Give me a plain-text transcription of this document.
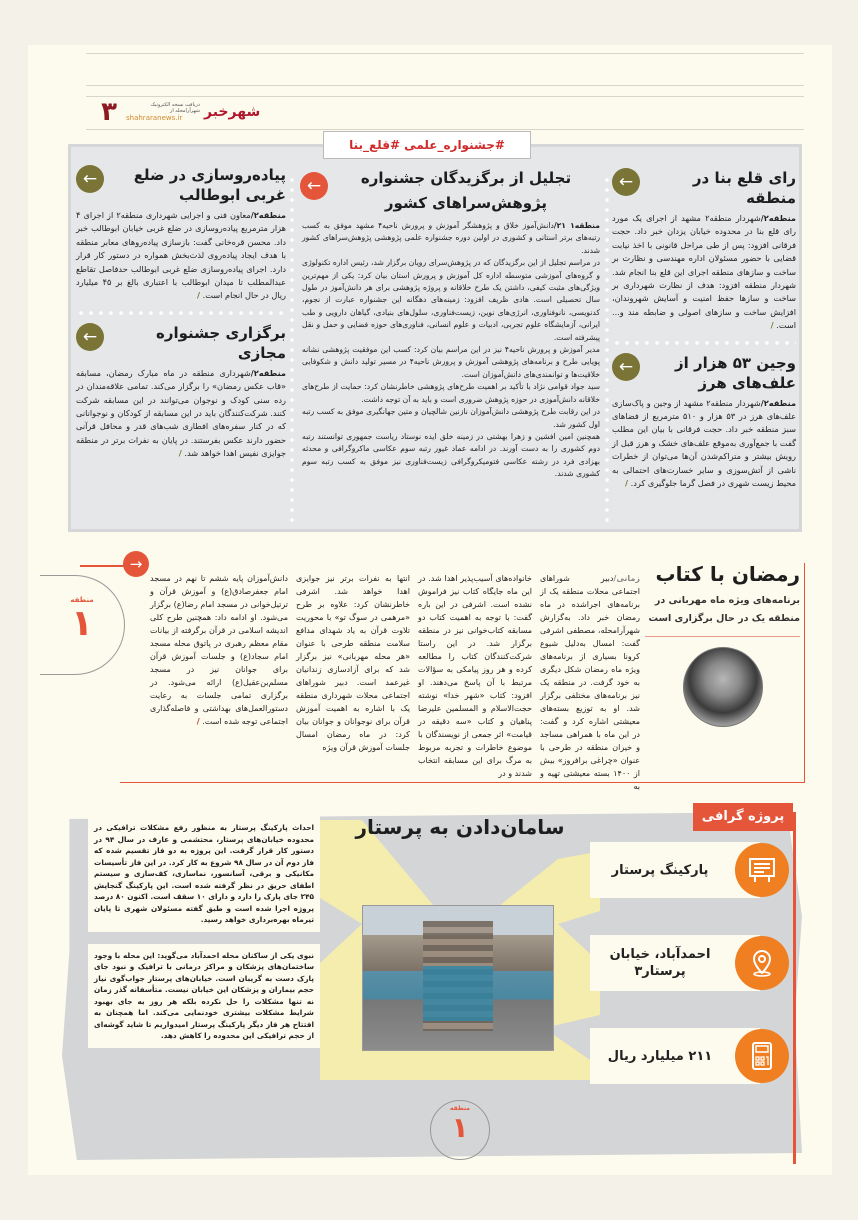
۳	دریافت نسخه الکترونیک شهرآرامحله از
shahraranews.ir	شهرخبر
#جشنواره_علمی #قلع_بنا
رای قلع بنا در منطقه
←
منطقه۲/شهردار منطقه۲ مشهد از اجرای یک مورد رای قلع بنا در محدوده خیابان یزدان خبر داد. حجت فرقانی افزود: پس از طی مراحل قانونی با اخذ نیابت قضایی با حضور مسئولان اداره مهندسی و نظارت بر ساخت و سازهای منطقه اجرای این قلع بنا انجام شد. شهردار منطقه افزود: هدف از نظارت شهرداری بر ساخت و سازها حفظ امنیت و آسایش شهروندان، افزایش ساخت و سازهای اصولی و ضابطه مند و... است. /
وجین ۵۳ هزار از علف‌های هرز
←
منطقه۲/شهردار منطقه۲ مشهد از وجین و پاک‌سازی علف‌های هرز در ۵۳ هزار و ۵۱۰ مترمربع از فضاهای سبز منطقه خبر داد. حجت فرقانی با بیان این مطلب گفت با جمع‌آوری به‌موقع علف‌های خشک و هرز قبل از رویش بیشتر و متراکم‌شدن آن‌ها می‌توان از خطرات ناشی از آتش‌سوزی و سایر خسارت‌های احتمالی به محیط زیست شهری در فصل گرما جلوگیری کرد. /
تجلیل از برگزیدگان جشنواره پژوهش‌سراهای کشور
←
منطقه۱ ۲۱/دانش‌آموز خلاق و پژوهشگر آموزش و پرورش ناحیه۴ مشهد موفق به کسب رتبه‌های برتر استانی و کشوری در اولین دوره جشنواره علمی پژوهشی پژوهش‌سراهای کشور شدند.
در مراسم تجلیل از این برگزیدگان که در پژوهش‌سرای رویان برگزار شد، رئیس اداره تکنولوژی و گروه‌های آموزشی متوسطه اداره کل آموزش و پرورش استان بیان کرد: یکی از مهم‌ترین ویژگی‌های مثبت کیفی، داشتن یک طرح خلاقانه و پروژه پژوهشی برای هر دانش‌آموز در طول سال تحصیلی است. هادی ظریف افزود: زمینه‌های دهگانه این جشنواره عبارت از نجوم، کدنویسی، نانوفناوری، انرژی‌های نوین، زیست‌فناوری، سلول‌های بنیادی، گیاهان دارویی و طب ایرانی، آزمایشگاه علوم تجربی، ادبیات و علوم انسانی، فناوری‌های حوزه فضایی و حمل و نقل پیشرفته است.
مدیر آموزش و پرورش ناحیه۴ نیز در این مراسم بیان کرد: کسب این موفقیت پژوهشی نشانه پویایی طرح و برنامه‌های پژوهشی آموزش و پرورش ناحیه۴ در مسیر تولید دانش و شکوفایی خلاقیت‌ها و توانمندی‌های دانش‌آموزان است.
سید جواد قوامی نژاد با تأکید بر اهمیت طرح‌های پژوهشی خاطرنشان کرد: حمایت از طرح‌های خلاقانه دانش‌آموزی در حوزه پژوهش ضروری است و باید به آن توجه داشت.
در این رقابت طرح پژوهشی دانش‌آموزان نازنین شالچیان و متین جهانگیری موفق به کسب رتبه اول کشور شد.
همچنین امین افشین و زهرا بهشتی در زمینه خلق ایده نوستاد ریاست جمهوری توانستند رتبه دوم کشوری را به دست آورند. در ادامه عماد غیور رتبه سوم عکاسی ماکروگرافی و محدثه بهزادی فرد در رشته عکاسی فتومیکروگرافی زیست‌فناوری نیز موفق به کسب رتبه سوم کشوری شدند.
پیاده‌روسازی در ضلع غربی ابوطالب
←
منطقه۲/معاون فنی و اجرایی شهرداری منطقه۲ از اجرای ۴ هزار مترمربع پیاده‌روسازی در ضلع غربی خیابان ابوطالب خبر داد. محسن قره‌خانی گفت: بازسازی پیاده‌روهای معابر منطقه با هدف ایجاد پیاده‌روی لذت‌بخش همواره در دستور کار قرار دارد. اجرای پیاده‌روسازی ضلع غربی ابوطالب حدفاصل تقاطع عبدالمطلب تا میدان ابوطالب با اعتباری بالغ بر ۴۵ میلیارد ریال در حال انجام است. /
برگزاری جشنواره مجازی
←
منطقه۲/شهرداری منطقه در ماه مبارک رمضان، مسابقه «قاب عکس رمضان» را برگزار می‌کند. تمامی علاقه‌مندان در رده سنی کودک و نوجوان می‌توانند در این مسابقه شرکت کنند. شرکت‌کنندگان باید در این مسابقه از کودکان و نوجوانانی که در کنار سفره‌های افطاری شب‌های قدر و محافل قرآنی حضور دارند عکس بفرستند. در پایان به نفرات برتر در منطقه جوایزی نفیس اهدا خواهد شد. /
→
منطقه
۱
رمضان با کتاب
برنامه‌های ویژه ماه مهربانی در منطقه یک در حال برگزاری است
زمانی/دبیر شوراهای اجتماعی محلات منطقه یک از برنامه‌های اجراشده در ماه رمضان خبر داد. به‌گزارش شهرآرامحله، مصطفی اشرفی گفت: امسال به‌دلیل شیوع کرونا بسیاری از برنامه‌های ویژه ماه رمضان شکل دیگری به خود گرفت. در منطقه یک نیز برنامه‌های مختلفی برگزار شد. او به توزیع بسته‌های معیشتی اشاره کرد و گفت: در این ماه با همراهی مساجد و خیران منطقه در طرحی با عنوان «چراغی برافروز» بیش از ۱۴۰۰ بسته معیشتی تهیه و به
خانواده‌های آسیب‌پذیر اهدا شد. در این ماه جایگاه کتاب نیز فراموش نشده است. اشرفی در این باره گفت: با توجه به اهمیت کتاب دو مسابقه کتاب‌خوانی نیز در منطقه برگزار شد. در این راستا شرکت‌کنندگان کتاب را مطالعه کرده و هر روز پیامکی به سؤالات مرتبط با آن پاسخ می‌دهند. او افزود: کتاب «شهر خدا» نوشته حجت‌الاسلام و المسلمین علیرضا پناهیان و کتاب «سه دقیقه در قیامت» اثر جمعی از نویسندگان با موضوع خاطرات و تجربه مربوط به مرگ برای این مسابقه انتخاب شدند و در
انتها به نفرات برتر نیز جوایزی اهدا خواهد شد. اشرفی خاطرنشان کرد: علاوه بر طرح «مرهمی در سوگ تو» با محوریت تلاوت قرآن به یاد شهدای مدافع سلامت منطقه طرحی با عنوان «هر محله مهربانی» نیز برگزار شد که برای آزادسازی زندانیان غیرعمد است. دبیر شوراهای اجتماعی محلات شهرداری منطقه یک با اشاره به اهمیت آموزش قرآن برای نوجوانان و جوانان بیان کرد: در ماه رمضان امسال جلسات آموزش قرآن ویژه
دانش‌آموزان پایه ششم تا نهم در مسجد امام جعفرصادق(ع) و آموزش قرآن و ترتیل‌خوانی در مسجد امام رضا(ع) برگزار می‌شود. او ادامه داد: همچنین طرح کلی اندیشه اسلامی در قرآن برگرفته از بیانات مقام معظم رهبری در پاتوق محله مسجد امام سجاد(ع) و جلسات آموزش قرآن برای جوانان نیز در مسجد مسلم‌بن‌عقیل(ع) ارائه می‌شود. در برگزاری تمامی جلسات به رعایت دستورالعمل‌های بهداشتی و فاصله‌گذاری اجتماعی توجه شده است. /
پروژه گرافی
سامان‌دادن به پرستار
احداث پارکینگ پرستار به منظور رفع مشکلات ترافیکی در محدوده خیابان‌های پرستار، محتشمی و عارف در سال ۹۴ در دستور کار قرار گرفت. این پروژه به دو فاز تقسیم شده که فاز دوم آن در سال ۹۸ شروع به کار کرد. در این فاز تأسیسات مکانیکی و برقی، آسانسور، نماسازی، کف‌سازی و سیستم اطفای حریق در نظر گرفته شده است. این پارکینگ گنجایش ۲۴۵ جای پارک را دارد و دارای ۱۰ سقف است. اکنون ۸۰ درصد پروژه اجرا شده است و طبق گفته مسئولان شهری تا پایان تیرماه بهره‌برداری خواهد رسید.
نبوی یکی از ساکنان محله احمدآباد می‌گوید: این محله با وجود ساختمان‌های پزشکان و مراکز درمانی با ترافیک و نبود جای پارک دست به گریبان است. خیابان‌های پرستار جواب‌گوی نیاز حجم بیماران و پزشکان این خیابان نیست. متأسفانه گذر زمان نه تنها مشکلات را حل نکرده بلکه هر روز به جای بهبود شرایط مشکلات بیشتری خودنمایی می‌کند. اما همچنان به افتتاح هر فاز دیگر پارکینگ پرستار امیدواریم تا شاید گوشه‌ای از حجم ترافیکی این محدوده را کاهش دهد.
پارکینگ پرستار
احمدآباد، خیابان پرستار۳
۲۱۱ میلیارد ریال
منطقه
۱
